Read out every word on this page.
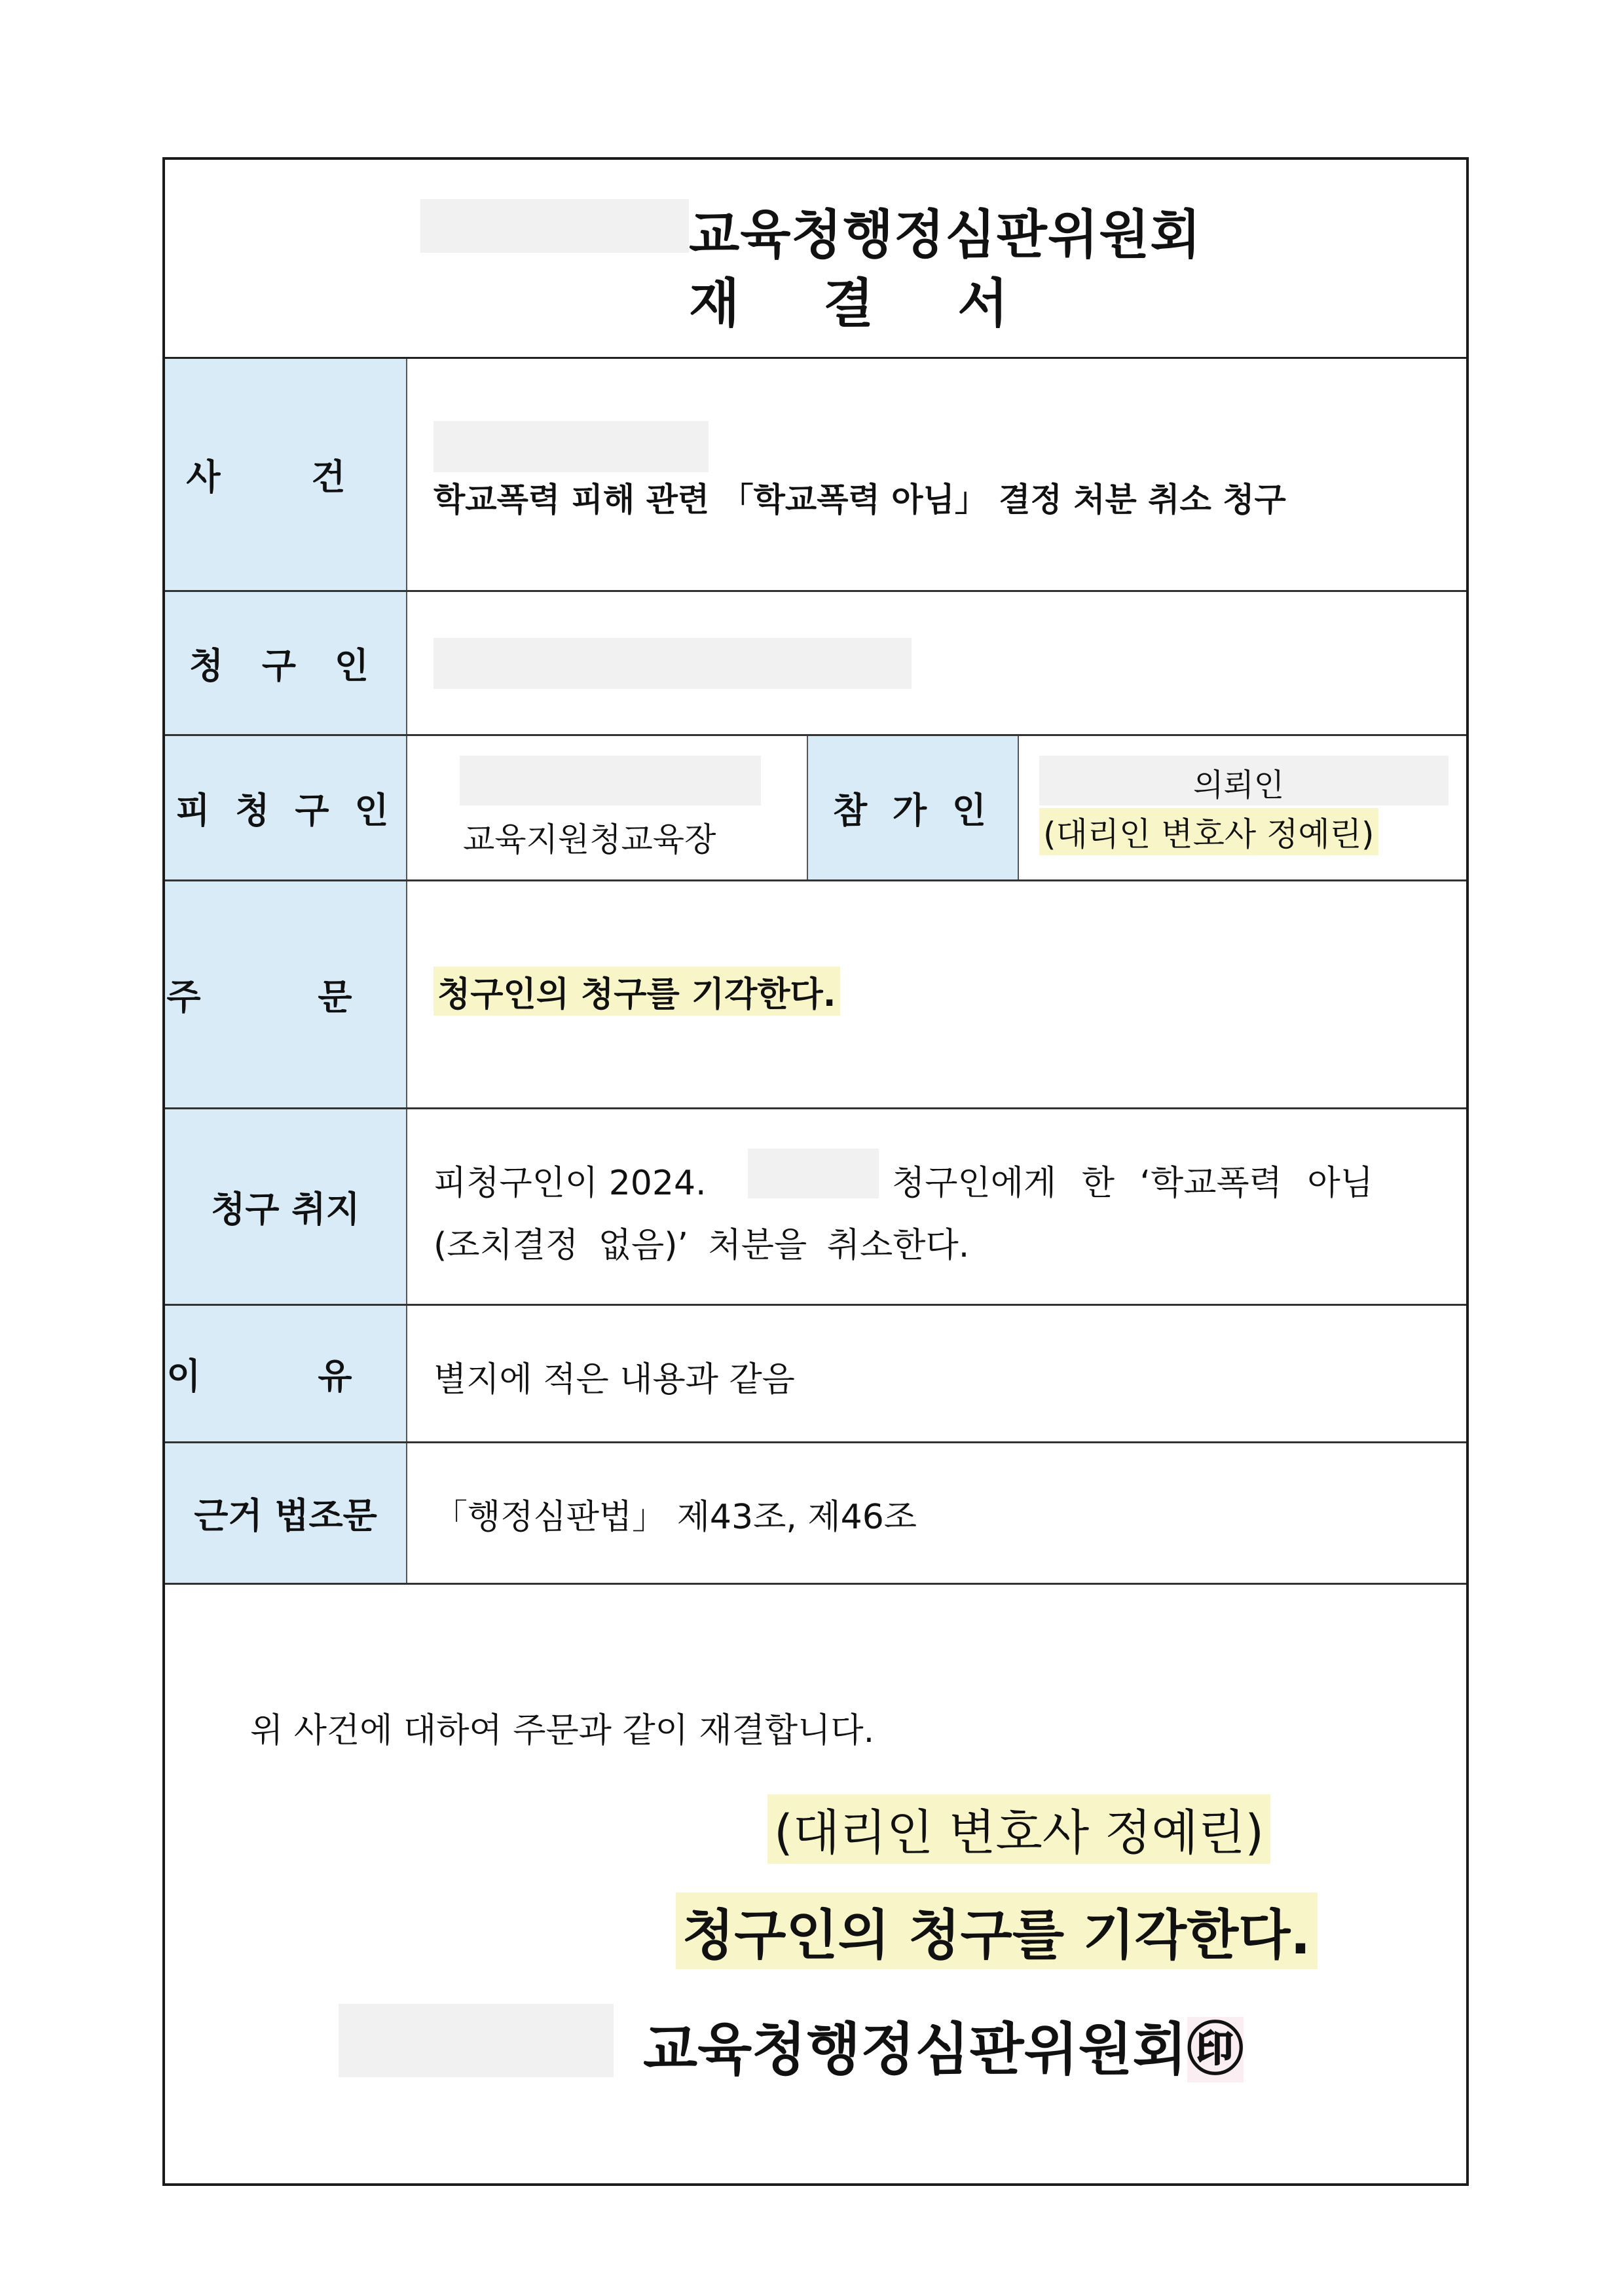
교육청행정심판위원회
재 결 서
사 건
학교폭력 피해 관련 「학교폭력 아님」 결정 처분 취소 청구
청 구 인
피 청 구 인
교육지원청교육장
참 가 인
의뢰인
(대리인 변호사 정예린)
주 문 청구인의 청구를 기각한다.
청구 취지
피청구인이 2024.	청구인에게 한 ‘학교폭력 아님
(조치결정 없음)’ 처분을 취소한다.
이 유 별지에 적은 내용과 같음
근거 법조문	「행정심판법」 제43조, 제46조
위 사건에 대하여 주문과 같이 재결합니다.
(대리인 변호사 정예린)
청구인의 청구를 기각한다.
교육청행정심판위원회㊞
